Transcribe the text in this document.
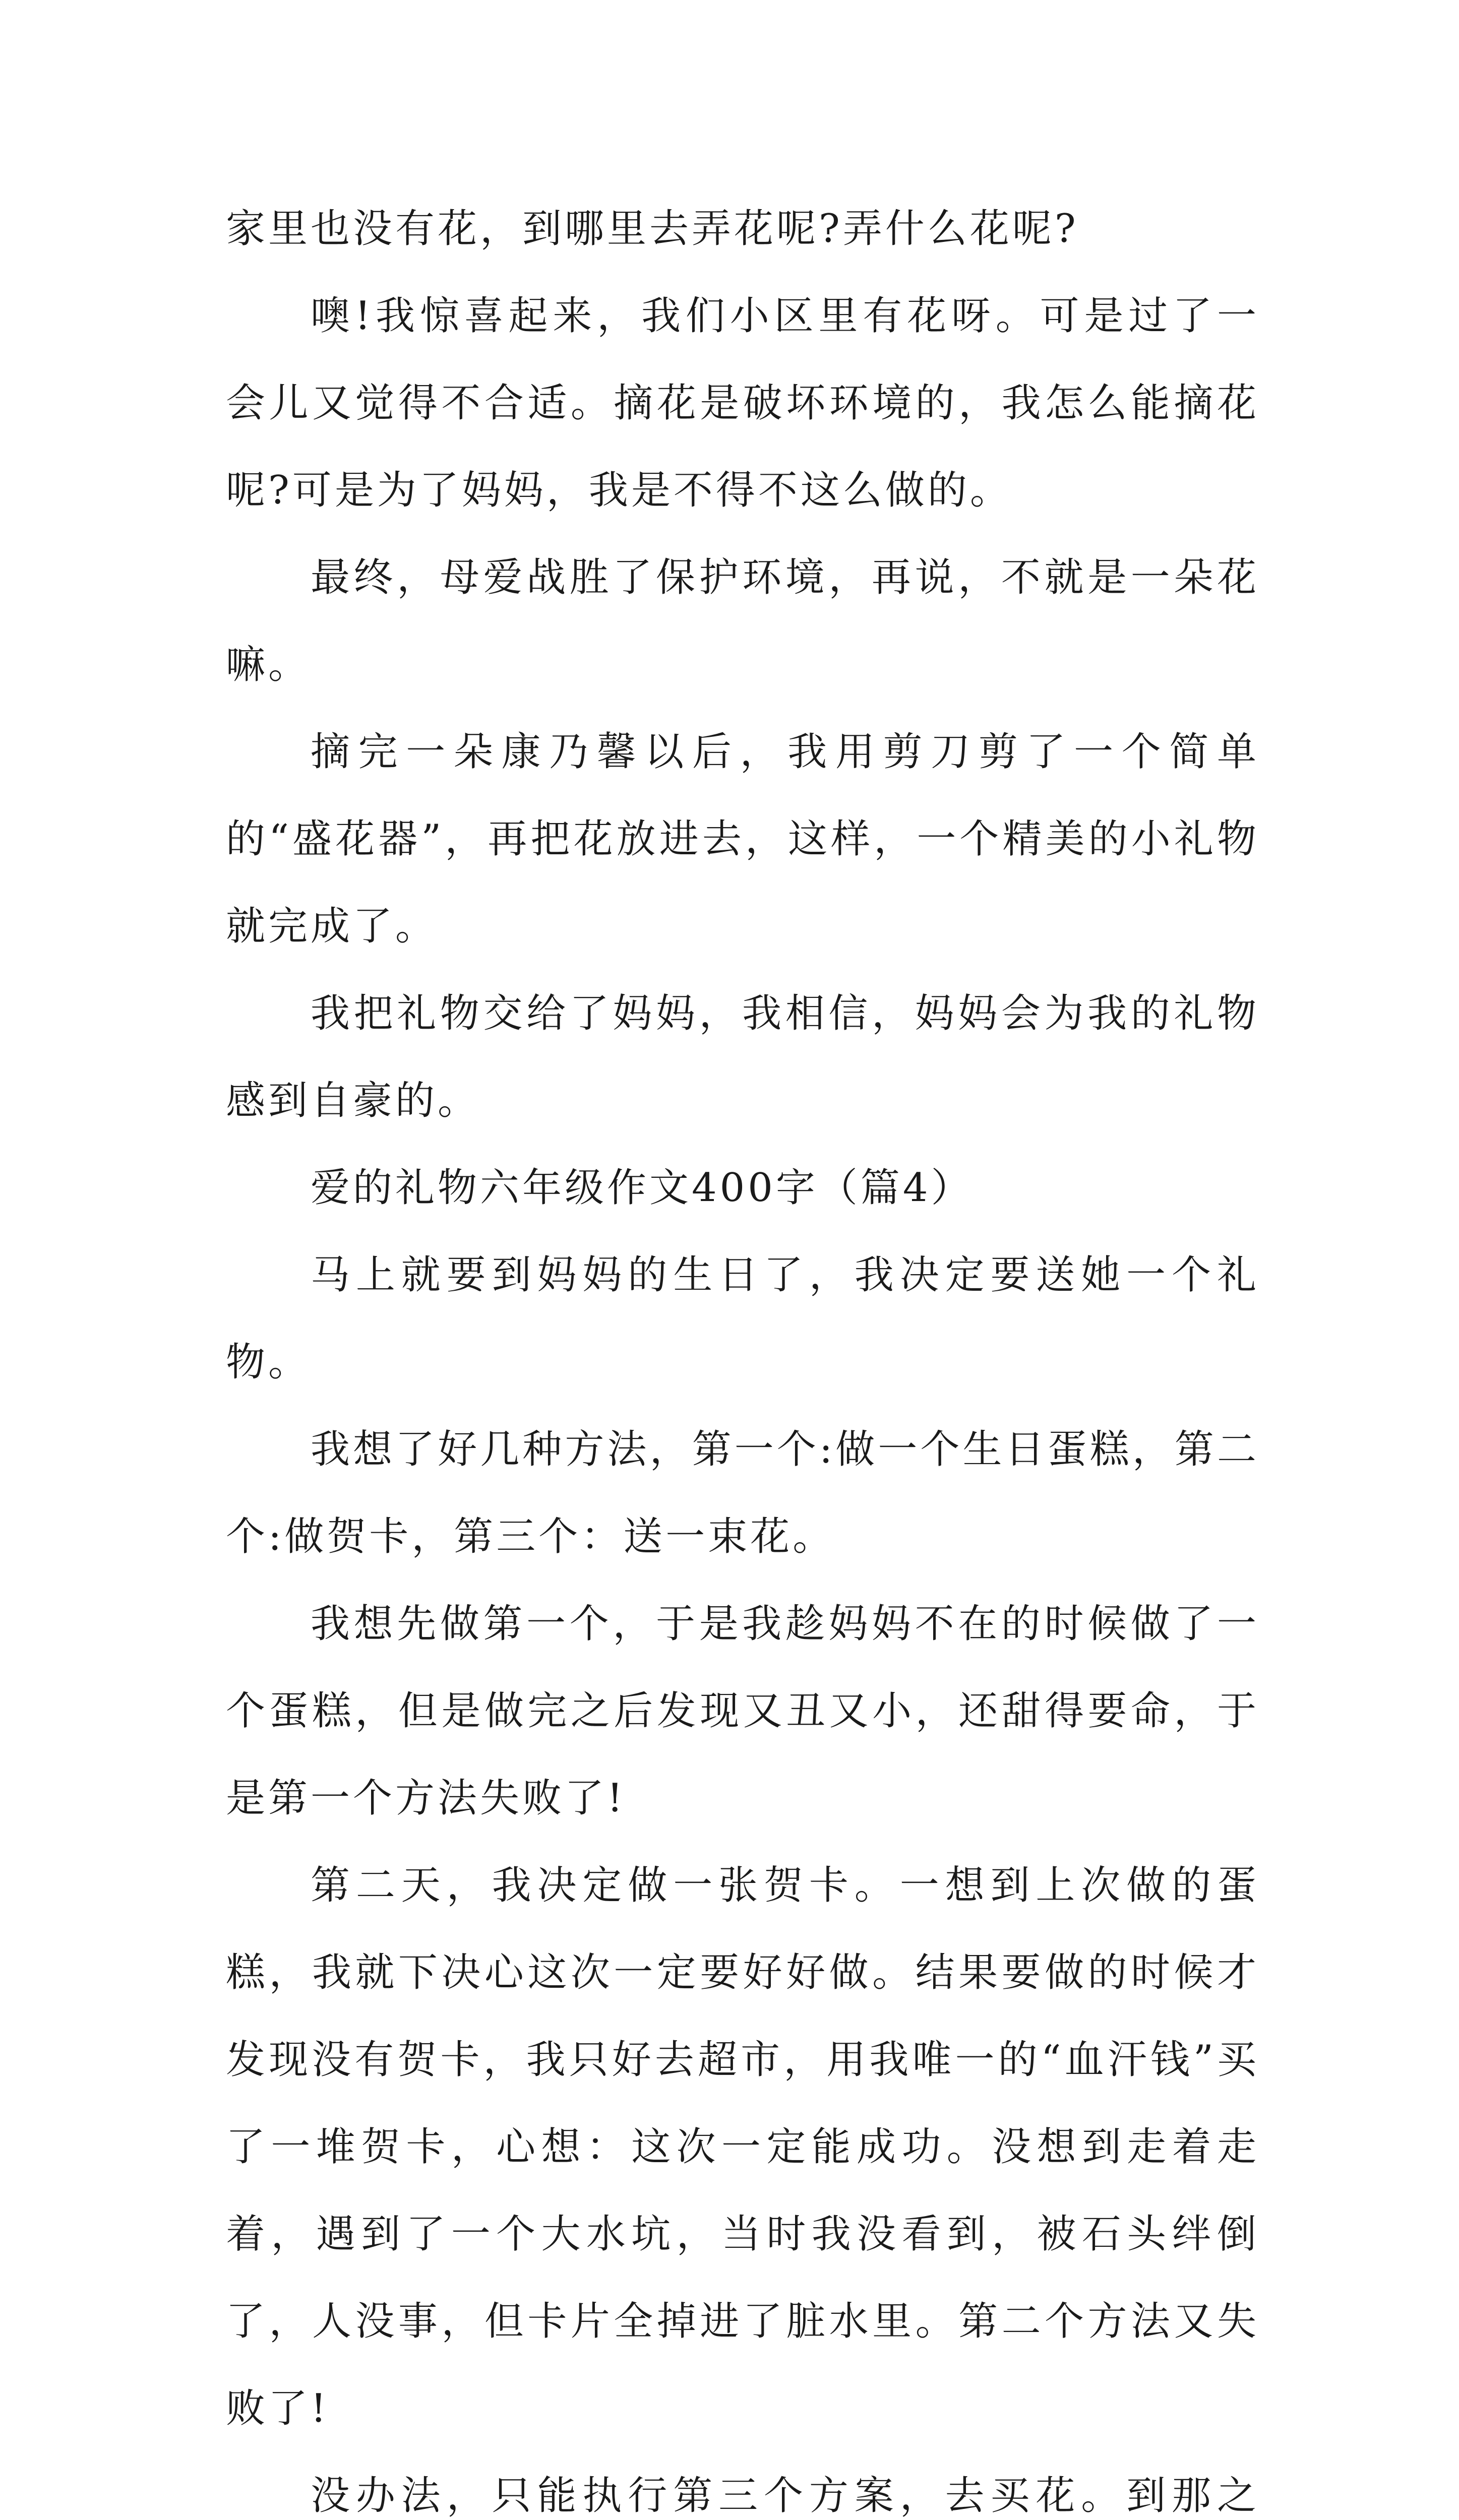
家里也没有花，到哪里去弄花呢?弄什么花呢?

噢!我惊喜起来，我们小区里有花呀。可是过了一会儿又觉得不合适。摘花是破坏环境的，我怎么能摘花呢?可是为了妈妈，我是不得不这么做的。

最终，母爱战胜了保护环境，再说，不就是一朵花嘛。

摘完一朵康乃馨以后，我用剪刀剪了一个简单的“盛花器”，再把花放进去，这样，一个精美的小礼物就完成了。

我把礼物交给了妈妈，我相信，妈妈会为我的礼物感到自豪的。

爱的礼物六年级作文400字（篇4）

马上就要到妈妈的生日了，我决定要送她一个礼物。

我想了好几种方法，第一个:做一个生日蛋糕，第二个:做贺卡，第三个：送一束花。

我想先做第一个，于是我趁妈妈不在的时候做了一个蛋糕，但是做完之后发现又丑又小，还甜得要命，于是第一个方法失败了!

第二天，我决定做一张贺卡。一想到上次做的蛋糕，我就下决心这次一定要好好做。结果要做的时候才发现没有贺卡，我只好去超市，用我唯一的“血汗钱”买了一堆贺卡，心想：这次一定能成功。没想到走着走着，遇到了一个大水坑，当时我没看到，被石头绊倒了，人没事，但卡片全掉进了脏水里。第二个方法又失败了!

没办法，只能执行第三个方案，去买花。到那之
